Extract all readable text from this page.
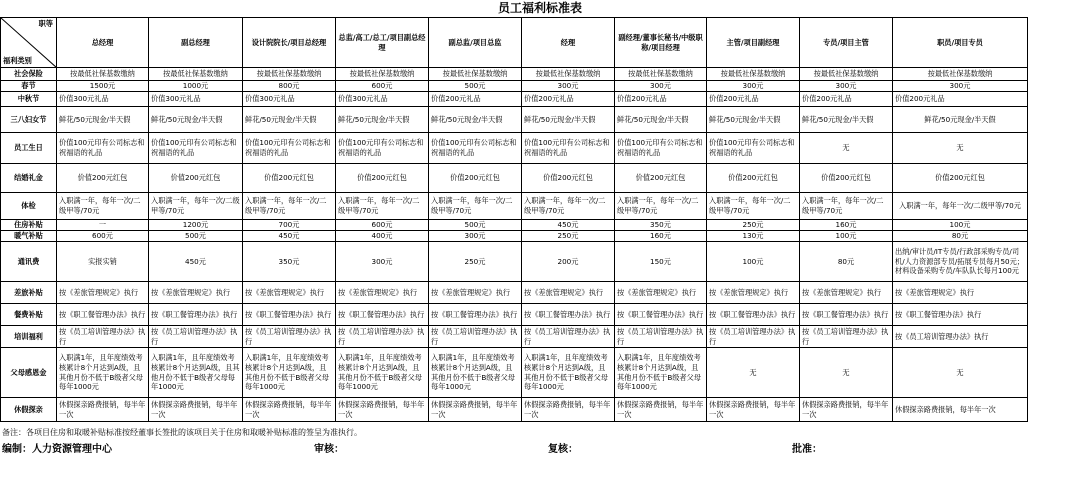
员工福利标准表
职等
福利类别	总经理	副总经理	设计院院长/项目总经理	总监/高工/总工/项目副总经理	副总监/项目总监	经理	副经理/董事长秘书/中级职称/项目经理	主管/项目副经理	专员/项目主管	职员/项目专员
社会保险	按最低社保基数缴纳	按最低社保基数缴纳	按最低社保基数缴纳	按最低社保基数缴纳	按最低社保基数缴纳	按最低社保基数缴纳	按最低社保基数缴纳	按最低社保基数缴纳	按最低社保基数缴纳	按最低社保基数缴纳
春节	1500元	1000元	800元	600元	500元	300元	300元	300元	300元	300元
中秋节	价值300元礼品	价值300元礼品	价值300元礼品	价值300元礼品	价值200元礼品	价值200元礼品	价值200元礼品	价值200元礼品	价值200元礼品	价值200元礼品
三八妇女节	鲜花/50元现金/半天假	鲜花/50元现金/半天假	鲜花/50元现金/半天假	鲜花/50元现金/半天假	鲜花/50元现金/半天假	鲜花/50元现金/半天假	鲜花/50元现金/半天假	鲜花/50元现金/半天假	鲜花/50元现金/半天假	鲜花/50元现金/半天假
员工生日	价值100元印有公司标志和祝福语的礼品	价值100元印有公司标志和祝福语的礼品	价值100元印有公司标志和祝福语的礼品	价值100元印有公司标志和祝福语的礼品	价值100元印有公司标志和祝福语的礼品	价值100元印有公司标志和祝福语的礼品	价值100元印有公司标志和祝福语的礼品	价值100元印有公司标志和祝福语的礼品	无	无
结婚礼金	价值200元红包	价值200元红包	价值200元红包	价值200元红包	价值200元红包	价值200元红包	价值200元红包	价值200元红包	价值200元红包	价值200元红包
体检	入职满一年，每年一次/二级甲等/70元	入职满一年，每年一次/二级甲等/70元	入职满一年，每年一次/二级甲等/70元	入职满一年，每年一次/二级甲等/70元	入职满一年，每年一次/二级甲等/70元	入职满一年，每年一次/二级甲等/70元	入职满一年，每年一次/二级甲等/70元	入职满一年，每年一次/二级甲等/70元	入职满一年，每年一次/二级甲等/70元	入职满一年，每年一次/二级甲等/70元
住房补贴	一	1200元	700元	600元	500元	450元	350元	250元	160元	100元
暖气补贴	600元	500元	450元	400元	300元	250元	160元	130元	100元	80元
通讯费	实报实销	450元	350元	300元	250元	200元	150元	100元	80元	出纳/审计员/IT专员/行政部采购专员/司机/人力资源部专员/拓展专员每月50元；材料设备采购专员/车队队长每月100元
差旅补贴	按《差旅管理规定》执行	按《差旅管理规定》执行	按《差旅管理规定》执行	按《差旅管理规定》执行	按《差旅管理规定》执行	按《差旅管理规定》执行	按《差旅管理规定》执行	按《差旅管理规定》执行	按《差旅管理规定》执行	按《差旅管理规定》执行
餐费补贴	按《职工餐管理办法》执行	按《职工餐管理办法》执行	按《职工餐管理办法》执行	按《职工餐管理办法》执行	按《职工餐管理办法》执行	按《职工餐管理办法》执行	按《职工餐管理办法》执行	按《职工餐管理办法》执行	按《职工餐管理办法》执行	按《职工餐管理办法》执行
培训福利	按《员工培训管理办法》执行	按《员工培训管理办法》执行	按《员工培训管理办法》执行	按《员工培训管理办法》执行	按《员工培训管理办法》执行	按《员工培训管理办法》执行	按《员工培训管理办法》执行	按《员工培训管理办法》执行	按《员工培训管理办法》执行	按《员工培训管理办法》执行
父母感恩金	入职满1年，且年度绩效考核累计8个月达到A级，且其他月份不低于B级者父母每年1000元	入职满1年，且年度绩效考核累计8个月达到A级，且其他月份不低于B级者父母每年1000元	入职满1年，且年度绩效考核累计8个月达到A级，且其他月份不低于B级者父母每年1000元	入职满1年，且年度绩效考核累计8个月达到A级，且其他月份不低于B级者父母每年1000元	入职满1年，且年度绩效考核累计8个月达到A级，且其他月份不低于B级者父母每年1000元	入职满1年，且年度绩效考核累计8个月达到A级，且其他月份不低于B级者父母每年1000元	入职满1年，且年度绩效考核累计8个月达到A级，且其他月份不低于B级者父母每年1000元	无	无	无
休假探亲	休假探亲路费报销，每半年一次	休假探亲路费报销，每半年一次	休假探亲路费报销，每半年一次	休假探亲路费报销，每半年一次	休假探亲路费报销，每半年一次	休假探亲路费报销，每半年一次	休假探亲路费报销，每半年一次	休假探亲路费报销，每半年一次	休假探亲路费报销，每半年一次	休假探亲路费报销，每半年一次
备注：各项目住房和取暖补贴标准按经董事长签批的该项目关于住房和取暖补贴标准的签呈为准执行。
编制：人力资源管理中心	审核：	复核：	批准：
